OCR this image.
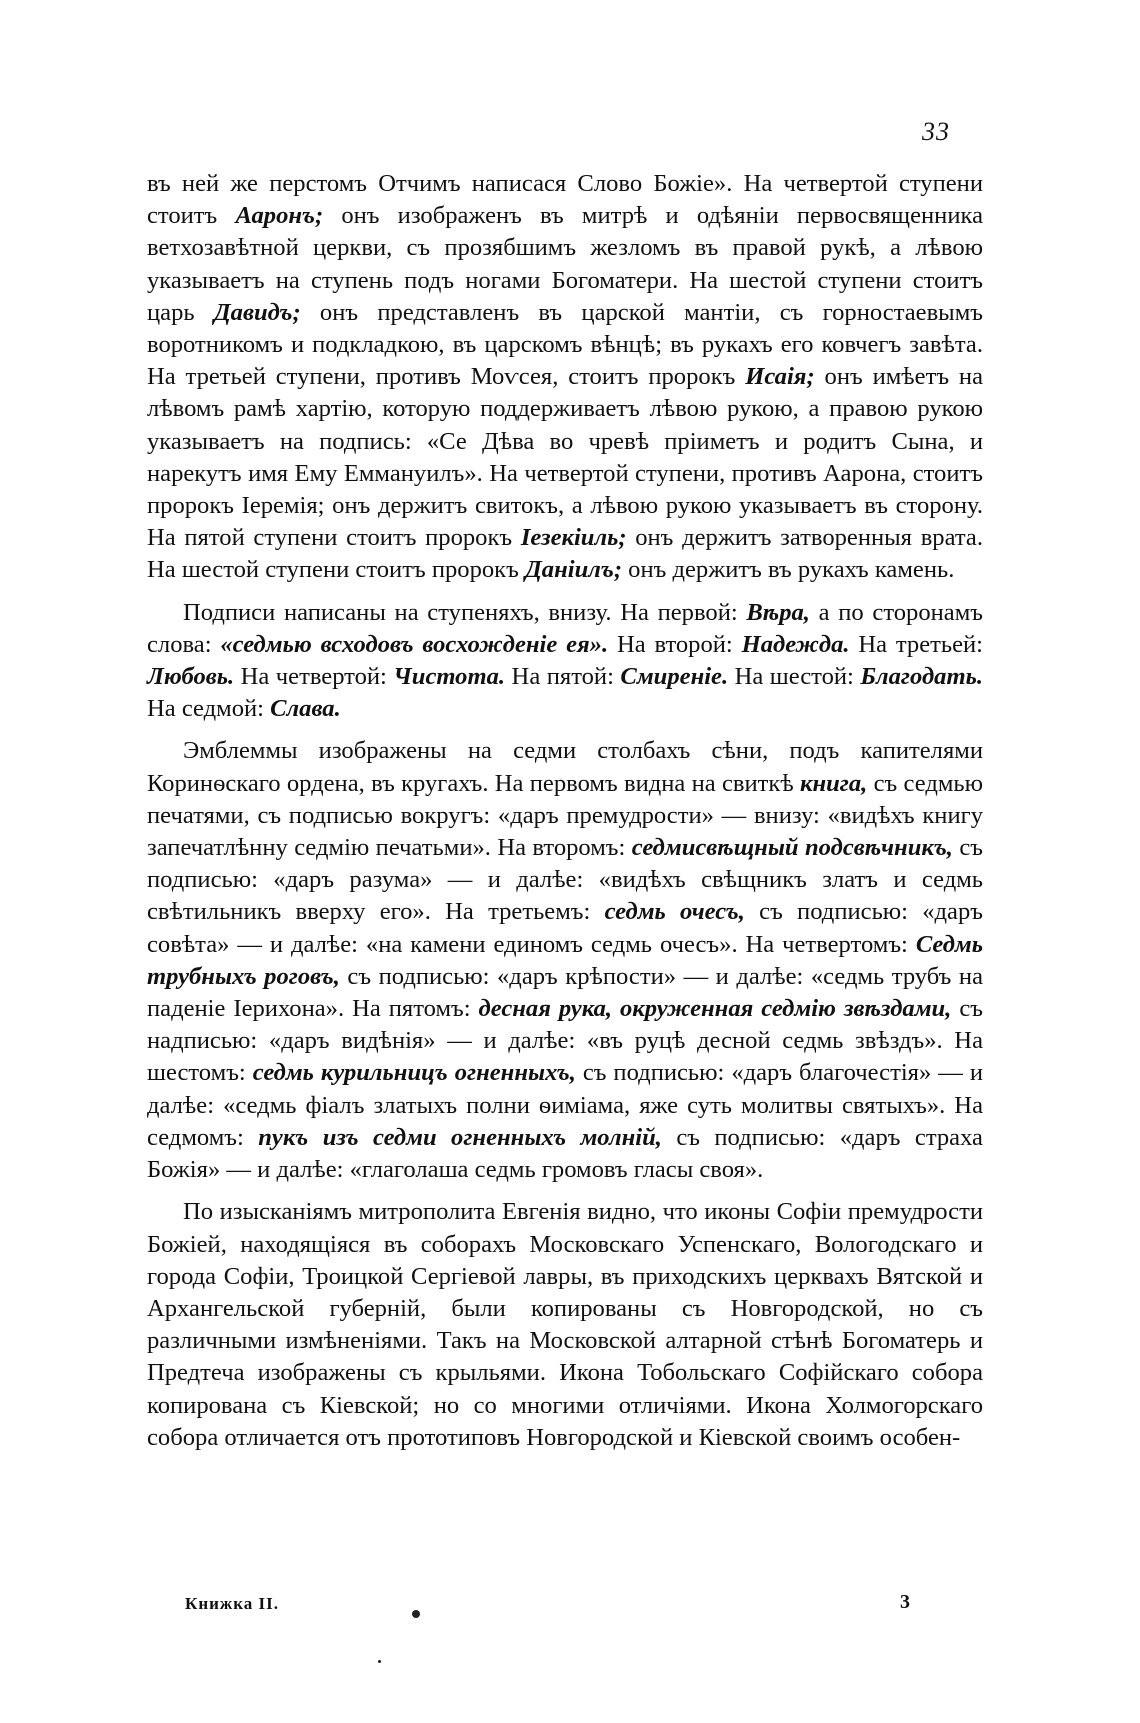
33

въ ней же перстомъ Отчимъ написася Слово Божіе». На четвертой ступени стоитъ Ааронъ; онъ изображенъ въ митрѣ и одѣяніи первосвященника ветхозавѣтной церкви, съ прозябшимъ жезломъ въ правой рукѣ, а лѣвою указываетъ на ступень подъ ногами Богоматери. На шестой ступени стоитъ царь Давидъ; онъ представленъ въ царской мантіи, съ горностаевымъ воротникомъ и подкладкою, въ царскомъ вѣнцѣ; въ рукахъ его ковчегъ завѣта. На третьей ступени, противъ Моѵсея, стоитъ пророкъ Исаія; онъ имѣетъ на лѣвомъ рамѣ хартію, которую поддерживаетъ лѣвою рукою, а правою рукою указываетъ на подпись: «Се Дѣва во чревѣ пріиметъ и родитъ Сына, и нарекутъ имя Ему Еммануилъ». На четвертой ступени, противъ Аарона, стоитъ пророкъ Іеремія; онъ держитъ свитокъ, а лѣвою рукою указываетъ въ сторону. На пятой ступени стоитъ пророкъ Іезекіиль; онъ держитъ затворенныя врата. На шестой ступени стоитъ пророкъ Даніилъ; онъ держитъ въ рукахъ камень.

Подписи написаны на ступеняхъ, внизу. На первой: Вѣра, а по сторонамъ слова: «седмью всходовъ восхожденіе ея». На второй: Надежда. На третьей: Любовь. На четвертой: Чистота. На пятой: Смиреніе. На шестой: Благодать. На седмой: Слава.

Эмблеммы изображены на седми столбахъ сѣни, подъ капителями Коринѳскаго ордена, въ кругахъ. На первомъ видна на свиткѣ книга, съ седмью печатями, съ подписью вокругъ: «даръ премудрости» — внизу: «видѣхъ книгу запечатлѣнну седмію печатьми». На второмъ: седмисвѣщный подсвѣчникъ, съ подписью: «даръ разума» — и далѣе: «видѣхъ свѣщникъ златъ и седмь свѣтильникъ вверху его». На третьемъ: седмь очесъ, съ подписью: «даръ совѣта» — и далѣе: «на камени единомъ седмь очесъ». На четвертомъ: Седмь трубныхъ роговъ, съ подписью: «даръ крѣпости» — и далѣе: «седмь трубъ на паденіе Іерихона». На пятомъ: десная рука, окруженная седмію звѣздами, съ надписью: «даръ видѣнія» — и далѣе: «въ руцѣ десной седмь звѣздъ». На шестомъ: седмь курильницъ огненныхъ, съ подписью: «даръ благочестія» — и далѣе: «седмь фіалъ златыхъ полни ѳиміама, яже суть молитвы святыхъ». На седмомъ: пукъ изъ седми огненныхъ молній, съ подписью: «даръ страха Божія» — и далѣе: «глаголаша седмь громовъ гласы своя».

По изысканіямъ митрополита Евгенія видно, что иконы Софіи премудрости Божіей, находящіяся въ соборахъ Московскаго Успенскаго, Вологодскаго и города Софіи, Троицкой Сергіевой лавры, въ приходскихъ церквахъ Вятской и Архангельской губерній, были копированы съ Новгородской, но съ различными измѣненіями. Такъ на Московской алтарной стѣнѣ Богоматерь и Предтеча изображены съ крыльями. Икона Тобольскаго Софійскаго собора копирована съ Кіевской; но со многими отличіями. Икона Холмогорскаго собора отличается отъ прототиповъ Новгородской и Кіевской своимъ особен-

Книжка II.	3
